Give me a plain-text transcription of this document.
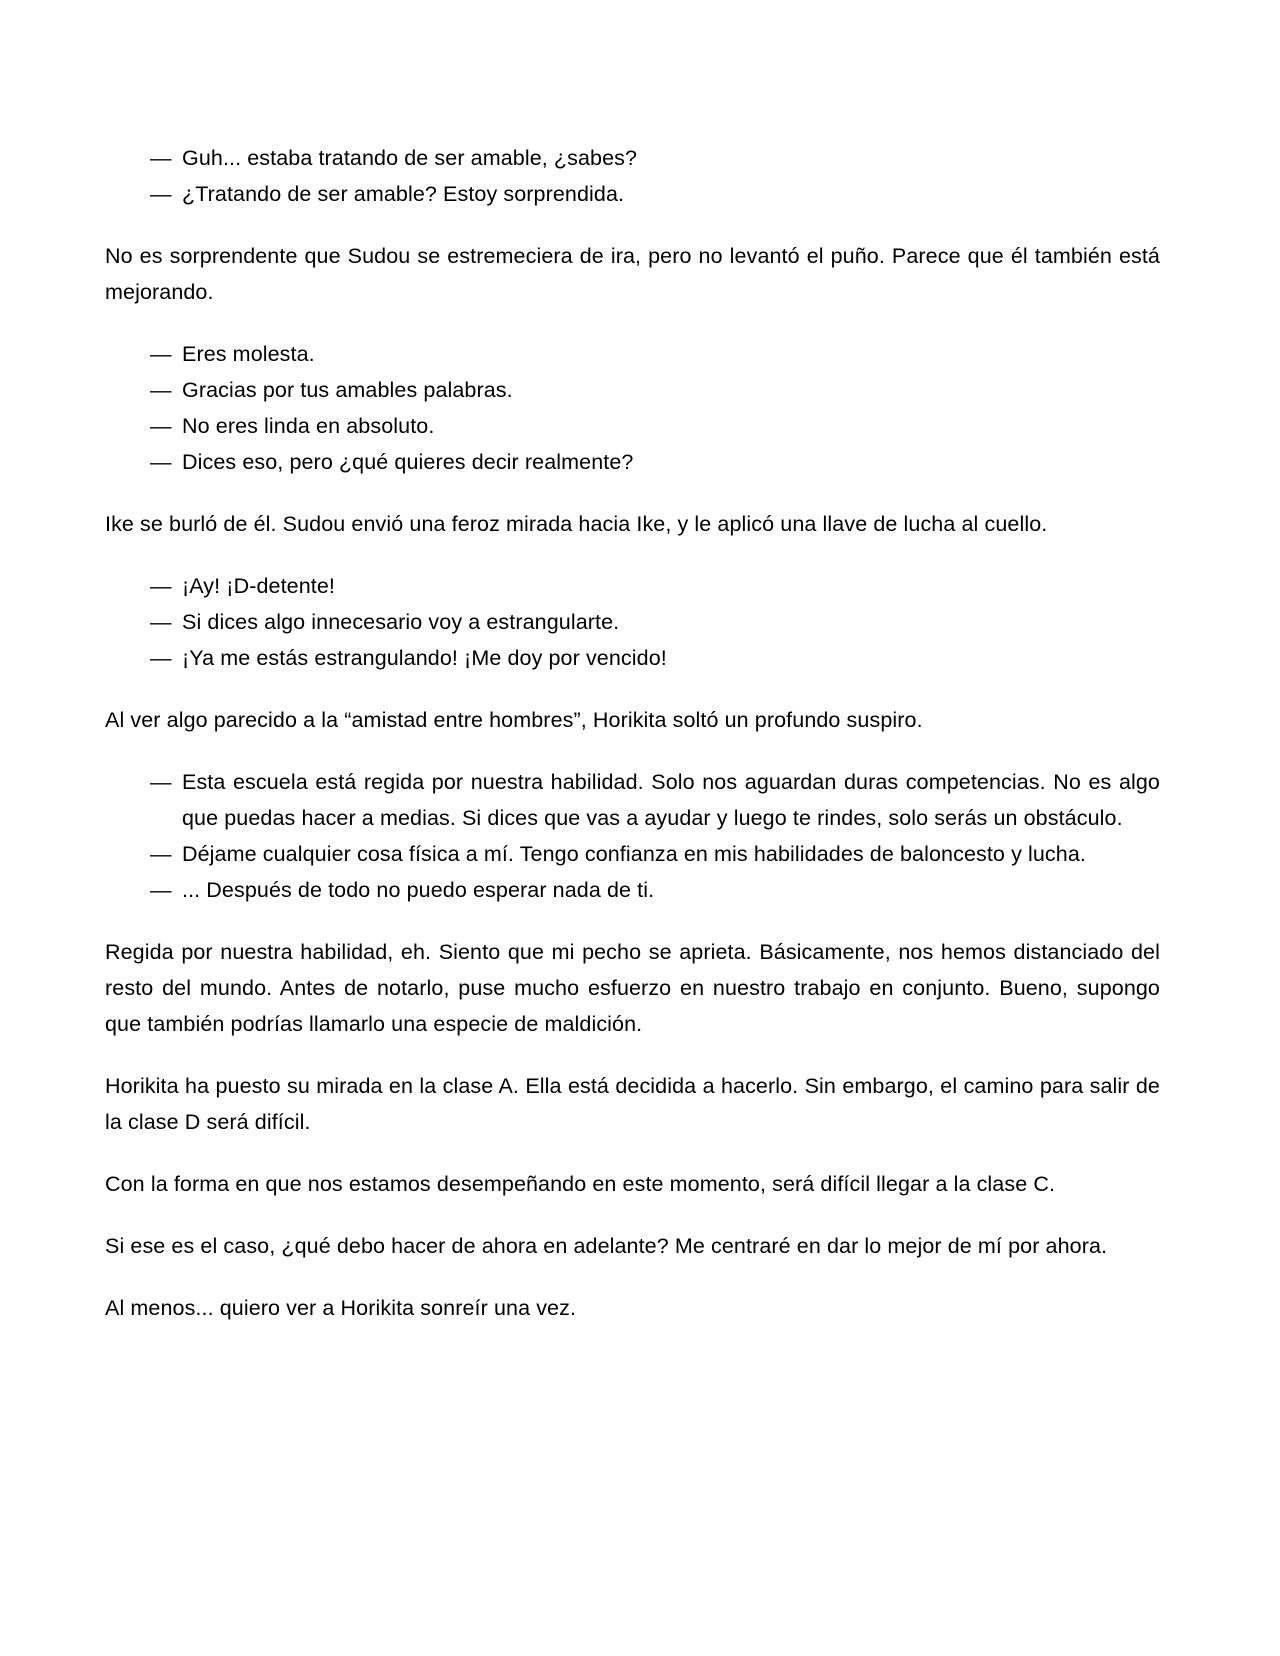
— Guh... estaba tratando de ser amable, ¿sabes?
— ¿Tratando de ser amable? Estoy sorprendida.

No es sorprendente que Sudou se estremeciera de ira, pero no levantó el puño. Parece que él también está mejorando.

— Eres molesta.
— Gracias por tus amables palabras.
— No eres linda en absoluto.
— Dices eso, pero ¿qué quieres decir realmente?

Ike se burló de él. Sudou envió una feroz mirada hacia Ike, y le aplicó una llave de lucha al cuello.

— ¡Ay! ¡D-detente!
— Si dices algo innecesario voy a estrangularte.
— ¡Ya me estás estrangulando! ¡Me doy por vencido!

Al ver algo parecido a la “amistad entre hombres”, Horikita soltó un profundo suspiro.

— Esta escuela está regida por nuestra habilidad. Solo nos aguardan duras competencias. No es algo que puedas hacer a medias. Si dices que vas a ayudar y luego te rindes, solo serás un obstáculo.
— Déjame cualquier cosa física a mí. Tengo confianza en mis habilidades de baloncesto y lucha.
— ... Después de todo no puedo esperar nada de ti.

Regida por nuestra habilidad, eh. Siento que mi pecho se aprieta. Básicamente, nos hemos distanciado del resto del mundo. Antes de notarlo, puse mucho esfuerzo en nuestro trabajo en conjunto. Bueno, supongo que también podrías llamarlo una especie de maldición.

Horikita ha puesto su mirada en la clase A. Ella está decidida a hacerlo. Sin embargo, el camino para salir de la clase D será difícil.

Con la forma en que nos estamos desempeñando en este momento, será difícil llegar a la clase C.

Si ese es el caso, ¿qué debo hacer de ahora en adelante? Me centraré en dar lo mejor de mí por ahora.

Al menos... quiero ver a Horikita sonreír una vez.
